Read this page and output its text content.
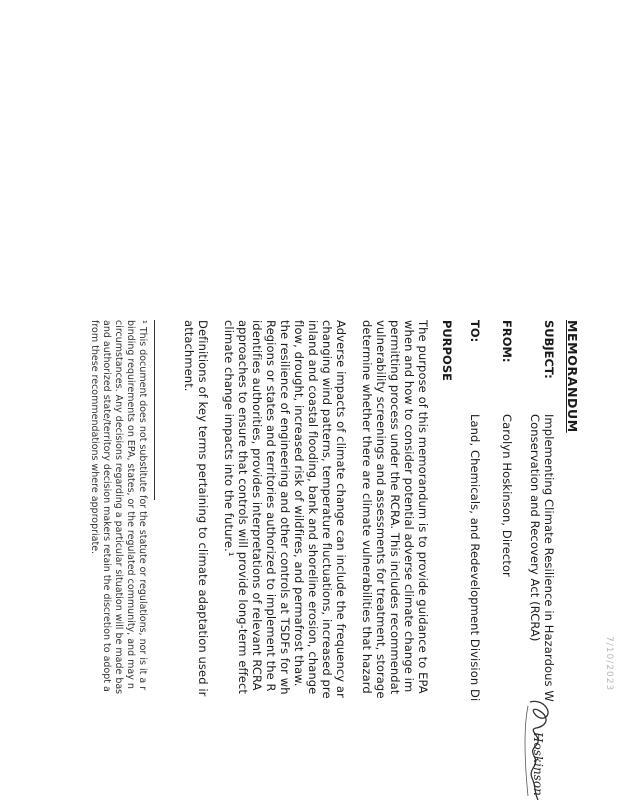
7/10/2023
MEMORANDUM
SUBJECT:
Implementing Climate Resilience in Hazardous W
Conservation and Recovery Act (RCRA)
FROM:
Carolyn Hoskinson, Director
Hoskinson
TO:
Land, Chemicals, and Redevelopment Division Di
PURPOSE
The purpose of this memorandum is to provide guidance to EPA
when and how to consider potential adverse climate change im
permitting process under the RCRA. This includes recommendat
vulnerability screenings and assessments for treatment, storage
determine whether there are climate vulnerabilities that hazard
Adverse impacts of climate change can include the frequency ar
changing wind patterns, temperature fluctuations, increased pre
inland and coastal flooding, bank and shoreline erosion, change
flow, drought, increased risk of wildfires, and permafrost thaw.
the resilience of engineering and other controls at TSDFs for wh
Regions or states and territories authorized to implement the R
identifies authorities, provides interpretations of relevant RCRA
approaches to ensure that controls will provide long-term effect
climate change impacts into the future.¹
Definitions of key terms pertaining to climate adaptation used ir
attachment.
¹ This document does not substitute for the statute or regulations, nor is it a r
binding requirements on EPA, states, or the regulated community, and may n
circumstances. Any decisions regarding a particular situation will be made bas
and authorized state/territory decision makers retain the discretion to adopt a
from these recommendations where appropriate.
